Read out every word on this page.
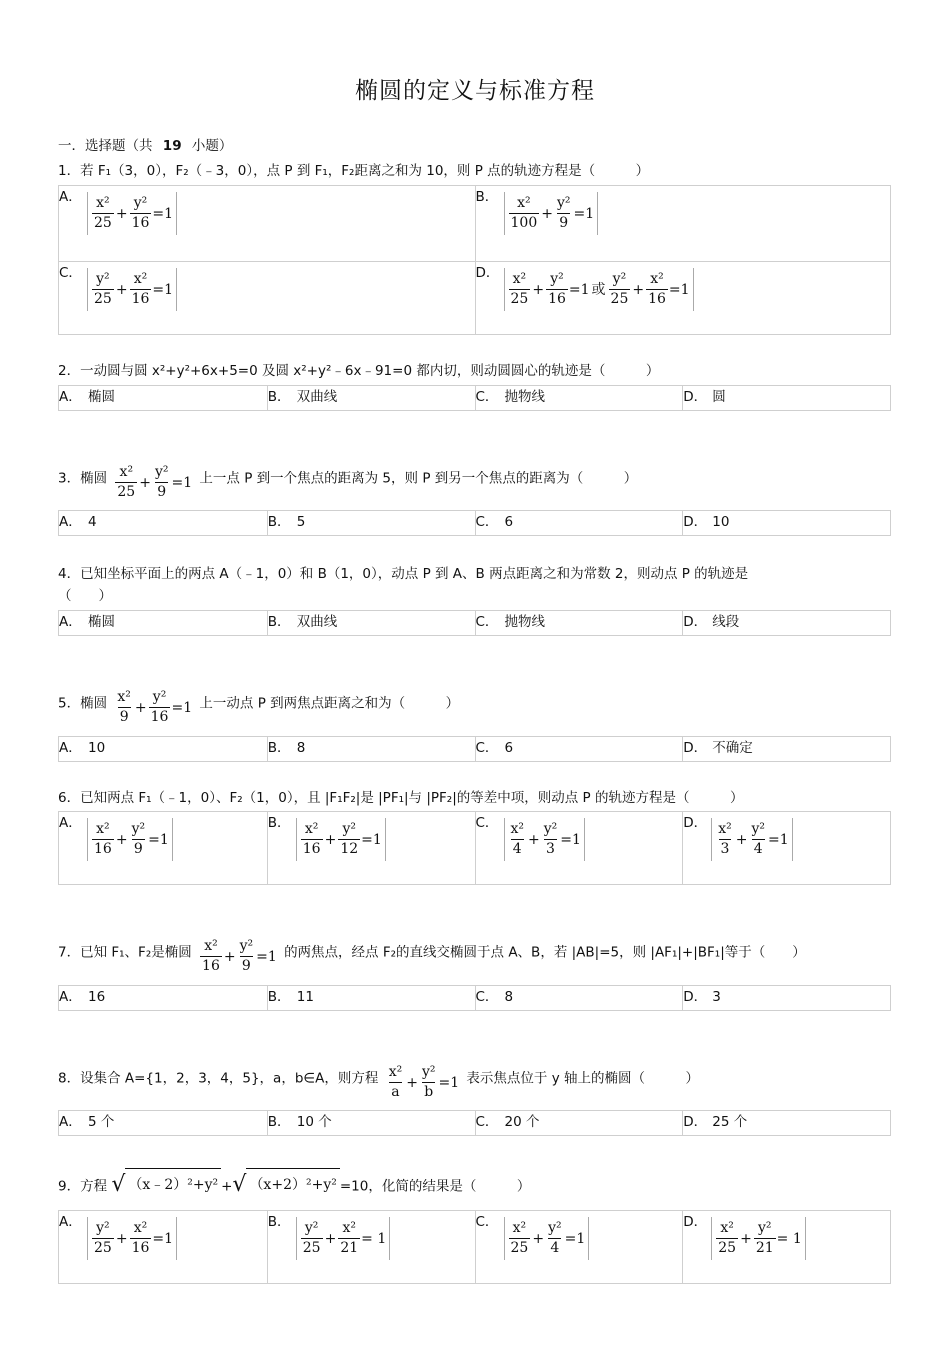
椭圆的定义与标准方程
一．选择题（共 19 小题）
1．若 F₁（3，0），F₂（﹣3，0），点 P 到 F₁，F₂距离之和为 10，则 P 点的轨迹方程是（　　　）
A． $\frac{\text{x²}}{25} + \frac{\text{y²}}{16} =1$
B． $\frac{\text{x²}}{100} + \frac{\text{y²}}{9} =1$
C． $\frac{\text{y²}}{25} + \frac{\text{x²}}{16} =1$
D． $\frac{\text{x²}}{25} + \frac{\text{y²}}{16} =1$ 或 $\frac{\text{y²}}{25} + \frac{\text{x²}}{16} =1$
2．一动圆与圆 x²+y²+6x+5=0 及圆 x²+y²﹣6x﹣91=0 都内切，则动圆圆心的轨迹是（　　　）
A． 椭圆	B． 双曲线	C． 抛物线	D． 圆
3．椭圆 $\frac{\text{x²}}{25} + \frac{\text{y²}}{9} =1$ 上一点 P 到一个焦点的距离为 5，则 P 到另一个焦点的距离为（　　　）
A． 4	B． 5	C． 6	D． 10
4．已知坐标平面上的两点 A（﹣1，0）和 B（1，0），动点 P 到 A、B 两点距离之和为常数 2，则动点 P 的轨迹是
（　　）
A． 椭圆	B． 双曲线	C． 抛物线	D． 线段
5．椭圆 $\frac{\text{x²}}{9} + \frac{\text{y²}}{16} =1$ 上一动点 P 到两焦点距离之和为（　　　）
A． 10	B． 8	C． 6	D． 不确定
6．已知两点 F₁（﹣1，0）、F₂（1，0），且 |F₁F₂|是 |PF₁|与 |PF₂|的等差中项，则动点 P 的轨迹方程是（　　　）
A． $\frac{\text{x²}}{16} + \frac{\text{y²}}{9} =1$
B． $\frac{\text{x²}}{16} + \frac{\text{y²}}{12} =1$
C． $\frac{\text{x²}}{4} + \frac{\text{y²}}{3} =1$
D． $\frac{\text{x²}}{3} + \frac{\text{y²}}{4} =1$
7．已知 F₁、F₂是椭圆 $\frac{\text{x²}}{16} + \frac{\text{y²}}{9} =1$ 的两焦点，经点 F₂的直线交椭圆于点 A、B，若 |AB|=5，则 |AF₁|+|BF₁|等于（　　）
A． 16	B． 11	C． 8	D． 3
8．设集合 A={1，2，3，4，5}，a，b∈A，则方程 $\frac{\text{x²}}{a} + \frac{\text{y²}}{b} =1$ 表示焦点位于 y 轴上的椭圆（　　　）
A． 5 个	B． 10 个	C． 20 个	D． 25 个
9．方程 √ （x﹣2）²+y² + √ （x+2）²+y² =10，化简的结果是（　　　）
A． $\frac{\text{y²}}{25} + \frac{\text{x²}}{16} =1$
B． $\frac{\text{y²}}{25} + \frac{\text{x²}}{21} = 1$
C． $\frac{\text{x²}}{25} + \frac{\text{y²}}{4} =1$
D． $\frac{\text{x²}}{25} + \frac{\text{y²}}{21} = 1$
